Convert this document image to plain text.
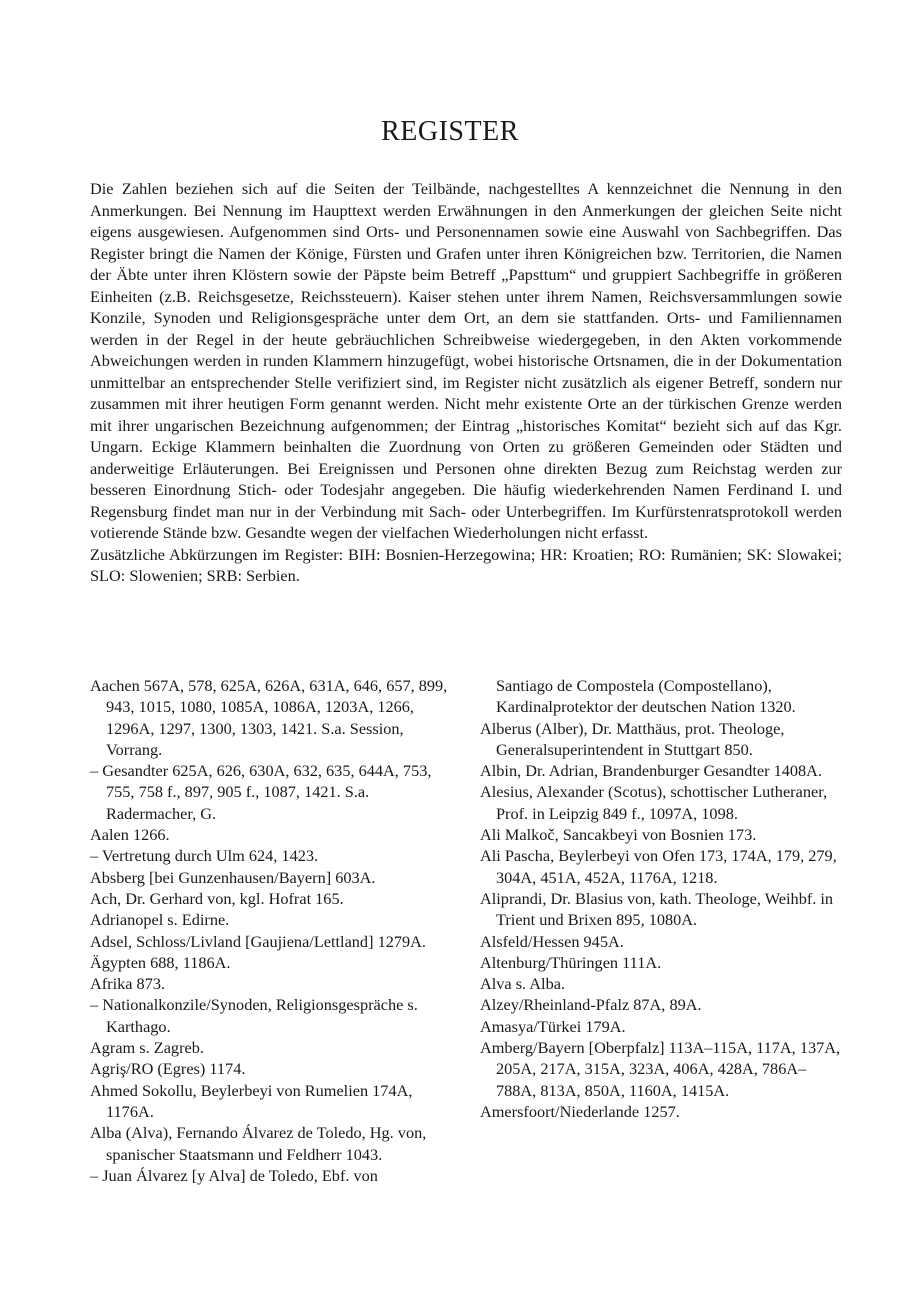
REGISTER

Die Zahlen beziehen sich auf die Seiten der Teilbände, nachgestelltes A kennzeichnet die Nennung in den Anmerkungen. Bei Nennung im Haupttext werden Erwähnungen in den Anmerkungen der gleichen Seite nicht eigens ausgewiesen. Aufgenommen sind Orts- und Personennamen sowie eine Auswahl von Sachbegriffen. Das Register bringt die Namen der Könige, Fürsten und Grafen unter ihren Königreichen bzw. Territorien, die Namen der Äbte unter ihren Klöstern sowie der Päpste beim Betreff „Papsttum“ und gruppiert Sachbegriffe in größeren Einheiten (z.B. Reichsgesetze, Reichssteuern). Kaiser stehen unter ihrem Namen, Reichsversammlungen sowie Konzile, Synoden und Religionsgespräche unter dem Ort, an dem sie stattfanden. Orts- und Familiennamen werden in der Regel in der heute gebräuchlichen Schreibweise wiedergegeben, in den Akten vorkommende Abweichungen werden in runden Klammern hinzugefügt, wobei historische Ortsnamen, die in der Dokumentation unmittelbar an entsprechender Stelle verifiziert sind, im Register nicht zusätzlich als eigener Betreff, sondern nur zusammen mit ihrer heutigen Form genannt werden. Nicht mehr existente Orte an der türkischen Grenze werden mit ihrer ungarischen Bezeichnung aufgenommen; der Eintrag „historisches Komitat“ bezieht sich auf das Kgr. Ungarn. Eckige Klammern beinhalten die Zuordnung von Orten zu größeren Gemeinden oder Städten und anderweitige Erläuterungen. Bei Ereignissen und Personen ohne direkten Bezug zum Reichstag werden zur besseren Einordnung Stich- oder Todesjahr angegeben. Die häufig wiederkehrenden Namen Ferdinand I. und Regensburg findet man nur in der Verbindung mit Sach- oder Unterbegriffen. Im Kurfürstenratsprotokoll werden votierende Stände bzw. Gesandte wegen der vielfachen Wiederholungen nicht erfasst.

Zusätzliche Abkürzungen im Register: BIH: Bosnien-Herzegowina; HR: Kroatien; RO: Rumänien; SK: Slowakei; SLO: Slowenien; SRB: Serbien.

Aachen 567A, 578, 625A, 626A, 631A, 646, 657, 899, 943, 1015, 1080, 1085A, 1086A, 1203A, 1266, 1296A, 1297, 1300, 1303, 1421. S.a. Session, Vorrang.

– Gesandter 625A, 626, 630A, 632, 635, 644A, 753, 755, 758 f., 897, 905 f., 1087, 1421. S.a. Radermacher, G.

Aalen 1266.

– Vertretung durch Ulm 624, 1423.

Absberg [bei Gunzenhausen/Bayern] 603A.

Ach, Dr. Gerhard von, kgl. Hofrat 165.

Adrianopel s. Edirne.

Adsel, Schloss/Livland [Gaujiena/Lettland] 1279A.

Ägypten 688, 1186A.

Afrika 873.

– Nationalkonzile/Synoden, Religionsgespräche s. Karthago.

Agram s. Zagreb.

Agriş/RO (Egres) 1174.

Ahmed Sokollu, Beylerbeyi von Rumelien 174A, 1176A.

Alba (Alva), Fernando Álvarez de Toledo, Hg. von, spanischer Staatsmann und Feldherr 1043.

– Juan Álvarez [y Alva] de Toledo, Ebf. von

Santiago de Compostela (Compostellano), Kardinalprotektor der deutschen Nation 1320.

Alberus (Alber), Dr. Matthäus, prot. Theologe, Generalsuperintendent in Stuttgart 850.

Albin, Dr. Adrian, Brandenburger Gesandter 1408A.

Alesius, Alexander (Scotus), schottischer Lutheraner, Prof. in Leipzig 849 f., 1097A, 1098.

Ali Malkoč, Sancakbeyi von Bosnien 173.

Ali Pascha, Beylerbeyi von Ofen 173, 174A, 179, 279, 304A, 451A, 452A, 1176A, 1218.

Aliprandi, Dr. Blasius von, kath. Theologe, Weihbf. in Trient und Brixen 895, 1080A.

Alsfeld/Hessen 945A.

Altenburg/Thüringen 111A.

Alva s. Alba.

Alzey/Rheinland-Pfalz 87A, 89A.

Amasya/Türkei 179A.

Amberg/Bayern [Oberpfalz] 113A–115A, 117A, 137A, 205A, 217A, 315A, 323A, 406A, 428A, 786A–788A, 813A, 850A, 1160A, 1415A.

Amersfoort/Niederlande 1257.
